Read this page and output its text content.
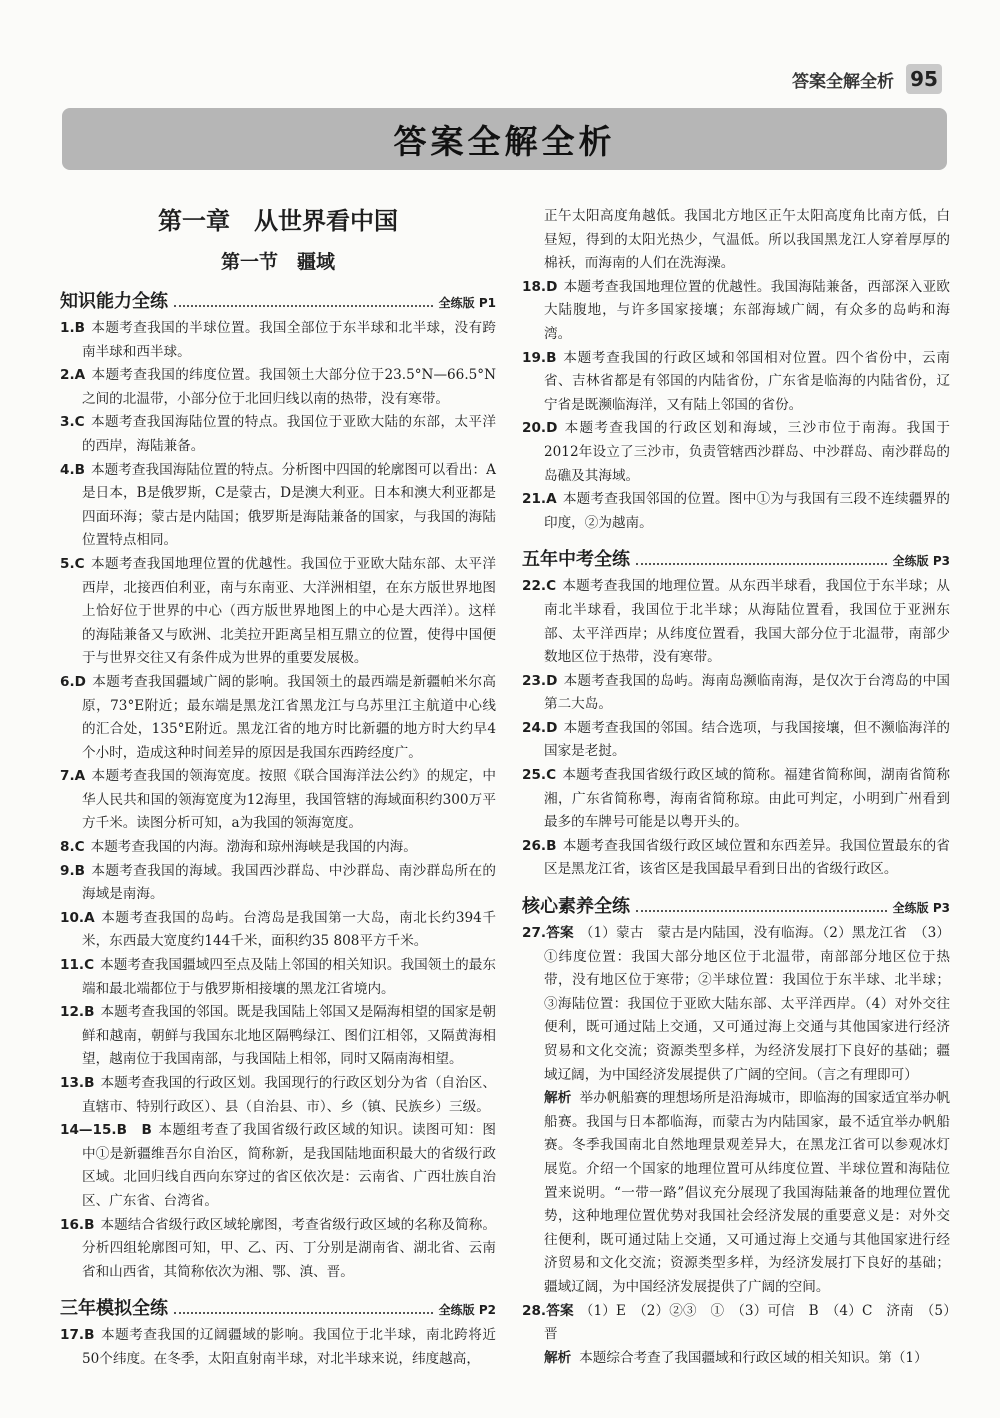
答案全解全析 95
答案全解全析
第一章　从世界看中国
第一节　疆域
知识能力全练	全练版 P1
1.B 本题考查我国的半球位置。我国全部位于东半球和北半球，没有跨南半球和西半球。
2.A 本题考查我国的纬度位置。我国领土大部分位于23.5°N—66.5°N之间的北温带，小部分位于北回归线以南的热带，没有寒带。
3.C 本题考查我国海陆位置的特点。我国位于亚欧大陆的东部，太平洋的西岸，海陆兼备。
4.B 本题考查我国海陆位置的特点。分析图中四国的轮廓图可以看出：A是日本，B是俄罗斯，C是蒙古，D是澳大利亚。日本和澳大利亚都是四面环海；蒙古是内陆国；俄罗斯是海陆兼备的国家，与我国的海陆位置特点相同。
5.C 本题考查我国地理位置的优越性。我国位于亚欧大陆东部、太平洋西岸，北接西伯利亚，南与东南亚、大洋洲相望，在东方版世界地图上恰好位于世界的中心（西方版世界地图上的中心是大西洋）。这样的海陆兼备又与欧洲、北美拉开距离呈相互鼎立的位置，使得中国便于与世界交往又有条件成为世界的重要发展极。
6.D 本题考查我国疆域广阔的影响。我国领土的最西端是新疆帕米尔高原，73°E附近；最东端是黑龙江省黑龙江与乌苏里江主航道中心线的汇合处，135°E附近。黑龙江省的地方时比新疆的地方时大约早4个小时，造成这种时间差异的原因是我国东西跨经度广。
7.A 本题考查我国的领海宽度。按照《联合国海洋法公约》的规定，中华人民共和国的领海宽度为12海里，我国管辖的海域面积约300万平方千米。读图分析可知，a为我国的领海宽度。
8.C 本题考查我国的内海。渤海和琼州海峡是我国的内海。
9.B 本题考查我国的海域。我国西沙群岛、中沙群岛、南沙群岛所在的海域是南海。
10.A 本题考查我国的岛屿。台湾岛是我国第一大岛，南北长约394千米，东西最大宽度约144千米，面积约35 808平方千米。
11.C 本题考查我国疆域四至点及陆上邻国的相关知识。我国领土的最东端和最北端都位于与俄罗斯相接壤的黑龙江省境内。
12.B 本题考查我国的邻国。既是我国陆上邻国又是隔海相望的国家是朝鲜和越南，朝鲜与我国东北地区隔鸭绿江、图们江相邻，又隔黄海相望，越南位于我国南部，与我国陆上相邻，同时又隔南海相望。
13.B 本题考查我国的行政区划。我国现行的行政区划分为省（自治区、直辖市、特别行政区）、县（自治县、市）、乡（镇、民族乡）三级。
14—15.B　B 本题组考查了我国省级行政区域的知识。读图可知：图中①是新疆维吾尔自治区，简称新，是我国陆地面积最大的省级行政区域。北回归线自西向东穿过的省区依次是：云南省、广西壮族自治区、广东省、台湾省。
16.B 本题结合省级行政区域轮廓图，考查省级行政区域的名称及简称。分析四组轮廓图可知，甲、乙、丙、丁分别是湖南省、湖北省、云南省和山西省，其简称依次为湘、鄂、滇、晋。
三年模拟全练	全练版 P2
17.B 本题考查我国的辽阔疆域的影响。我国位于北半球，南北跨将近50个纬度。在冬季，太阳直射南半球，对北半球来说，纬度越高，
正午太阳高度角越低。我国北方地区正午太阳高度角比南方低，白昼短，得到的太阳光热少，气温低。所以我国黑龙江人穿着厚厚的棉袄，而海南的人们在洗海澡。
18.D 本题考查我国地理位置的优越性。我国海陆兼备，西部深入亚欧大陆腹地，与许多国家接壤；东部海域广阔，有众多的岛屿和海湾。
19.B 本题考查我国的行政区域和邻国相对位置。四个省份中，云南省、吉林省都是有邻国的内陆省份，广东省是临海的内陆省份，辽宁省是既濒临海洋，又有陆上邻国的省份。
20.D 本题考查我国的行政区划和海域，三沙市位于南海。我国于2012年设立了三沙市，负责管辖西沙群岛、中沙群岛、南沙群岛的岛礁及其海域。
21.A 本题考查我国邻国的位置。图中①为与我国有三段不连续疆界的印度，②为越南。
五年中考全练	全练版 P3
22.C 本题考查我国的地理位置。从东西半球看，我国位于东半球；从南北半球看，我国位于北半球；从海陆位置看，我国位于亚洲东部、太平洋西岸；从纬度位置看，我国大部分位于北温带，南部少数地区位于热带，没有寒带。
23.D 本题考查我国的岛屿。海南岛濒临南海，是仅次于台湾岛的中国第二大岛。
24.D 本题考查我国的邻国。结合选项，与我国接壤，但不濒临海洋的国家是老挝。
25.C 本题考查我国省级行政区域的简称。福建省简称闽，湖南省简称湘，广东省简称粤，海南省简称琼。由此可判定，小明到广州看到最多的车牌号可能是以粤开头的。
26.B 本题考查我国省级行政区域位置和东西差异。我国位置最东的省区是黑龙江省，该省区是我国最早看到日出的省级行政区。
核心素养全练	全练版 P3
27.答案 （1）蒙古　蒙古是内陆国，没有临海。（2）黑龙江省　（3）①纬度位置：我国大部分地区位于北温带，南部部分地区位于热带，没有地区位于寒带；②半球位置：我国位于东半球、北半球；③海陆位置：我国位于亚欧大陆东部、太平洋西岸。（4）对外交往便利，既可通过陆上交通，又可通过海上交通与其他国家进行经济贸易和文化交流；资源类型多样，为经济发展打下良好的基础；疆域辽阔，为中国经济发展提供了广阔的空间。（言之有理即可）
解析 举办帆船赛的理想场所是沿海城市，即临海的国家适宜举办帆船赛。我国与日本都临海，而蒙古为内陆国家，最不适宜举办帆船赛。冬季我国南北自然地理景观差异大，在黑龙江省可以参观冰灯展览。介绍一个国家的地理位置可从纬度位置、半球位置和海陆位置来说明。“一带一路”倡议充分展现了我国海陆兼备的地理位置优势，这种地理位置优势对我国社会经济发展的重要意义是：对外交往便利，既可通过陆上交通，又可通过海上交通与其他国家进行经济贸易和文化交流；资源类型多样，为经济发展打下良好的基础；疆域辽阔，为中国经济发展提供了广阔的空间。
28.答案 （1）E　（2）②③　①　（3）可信　B　（4）C　济南　（5）晋
解析 本题综合考查了我国疆域和行政区域的相关知识。第（1）
